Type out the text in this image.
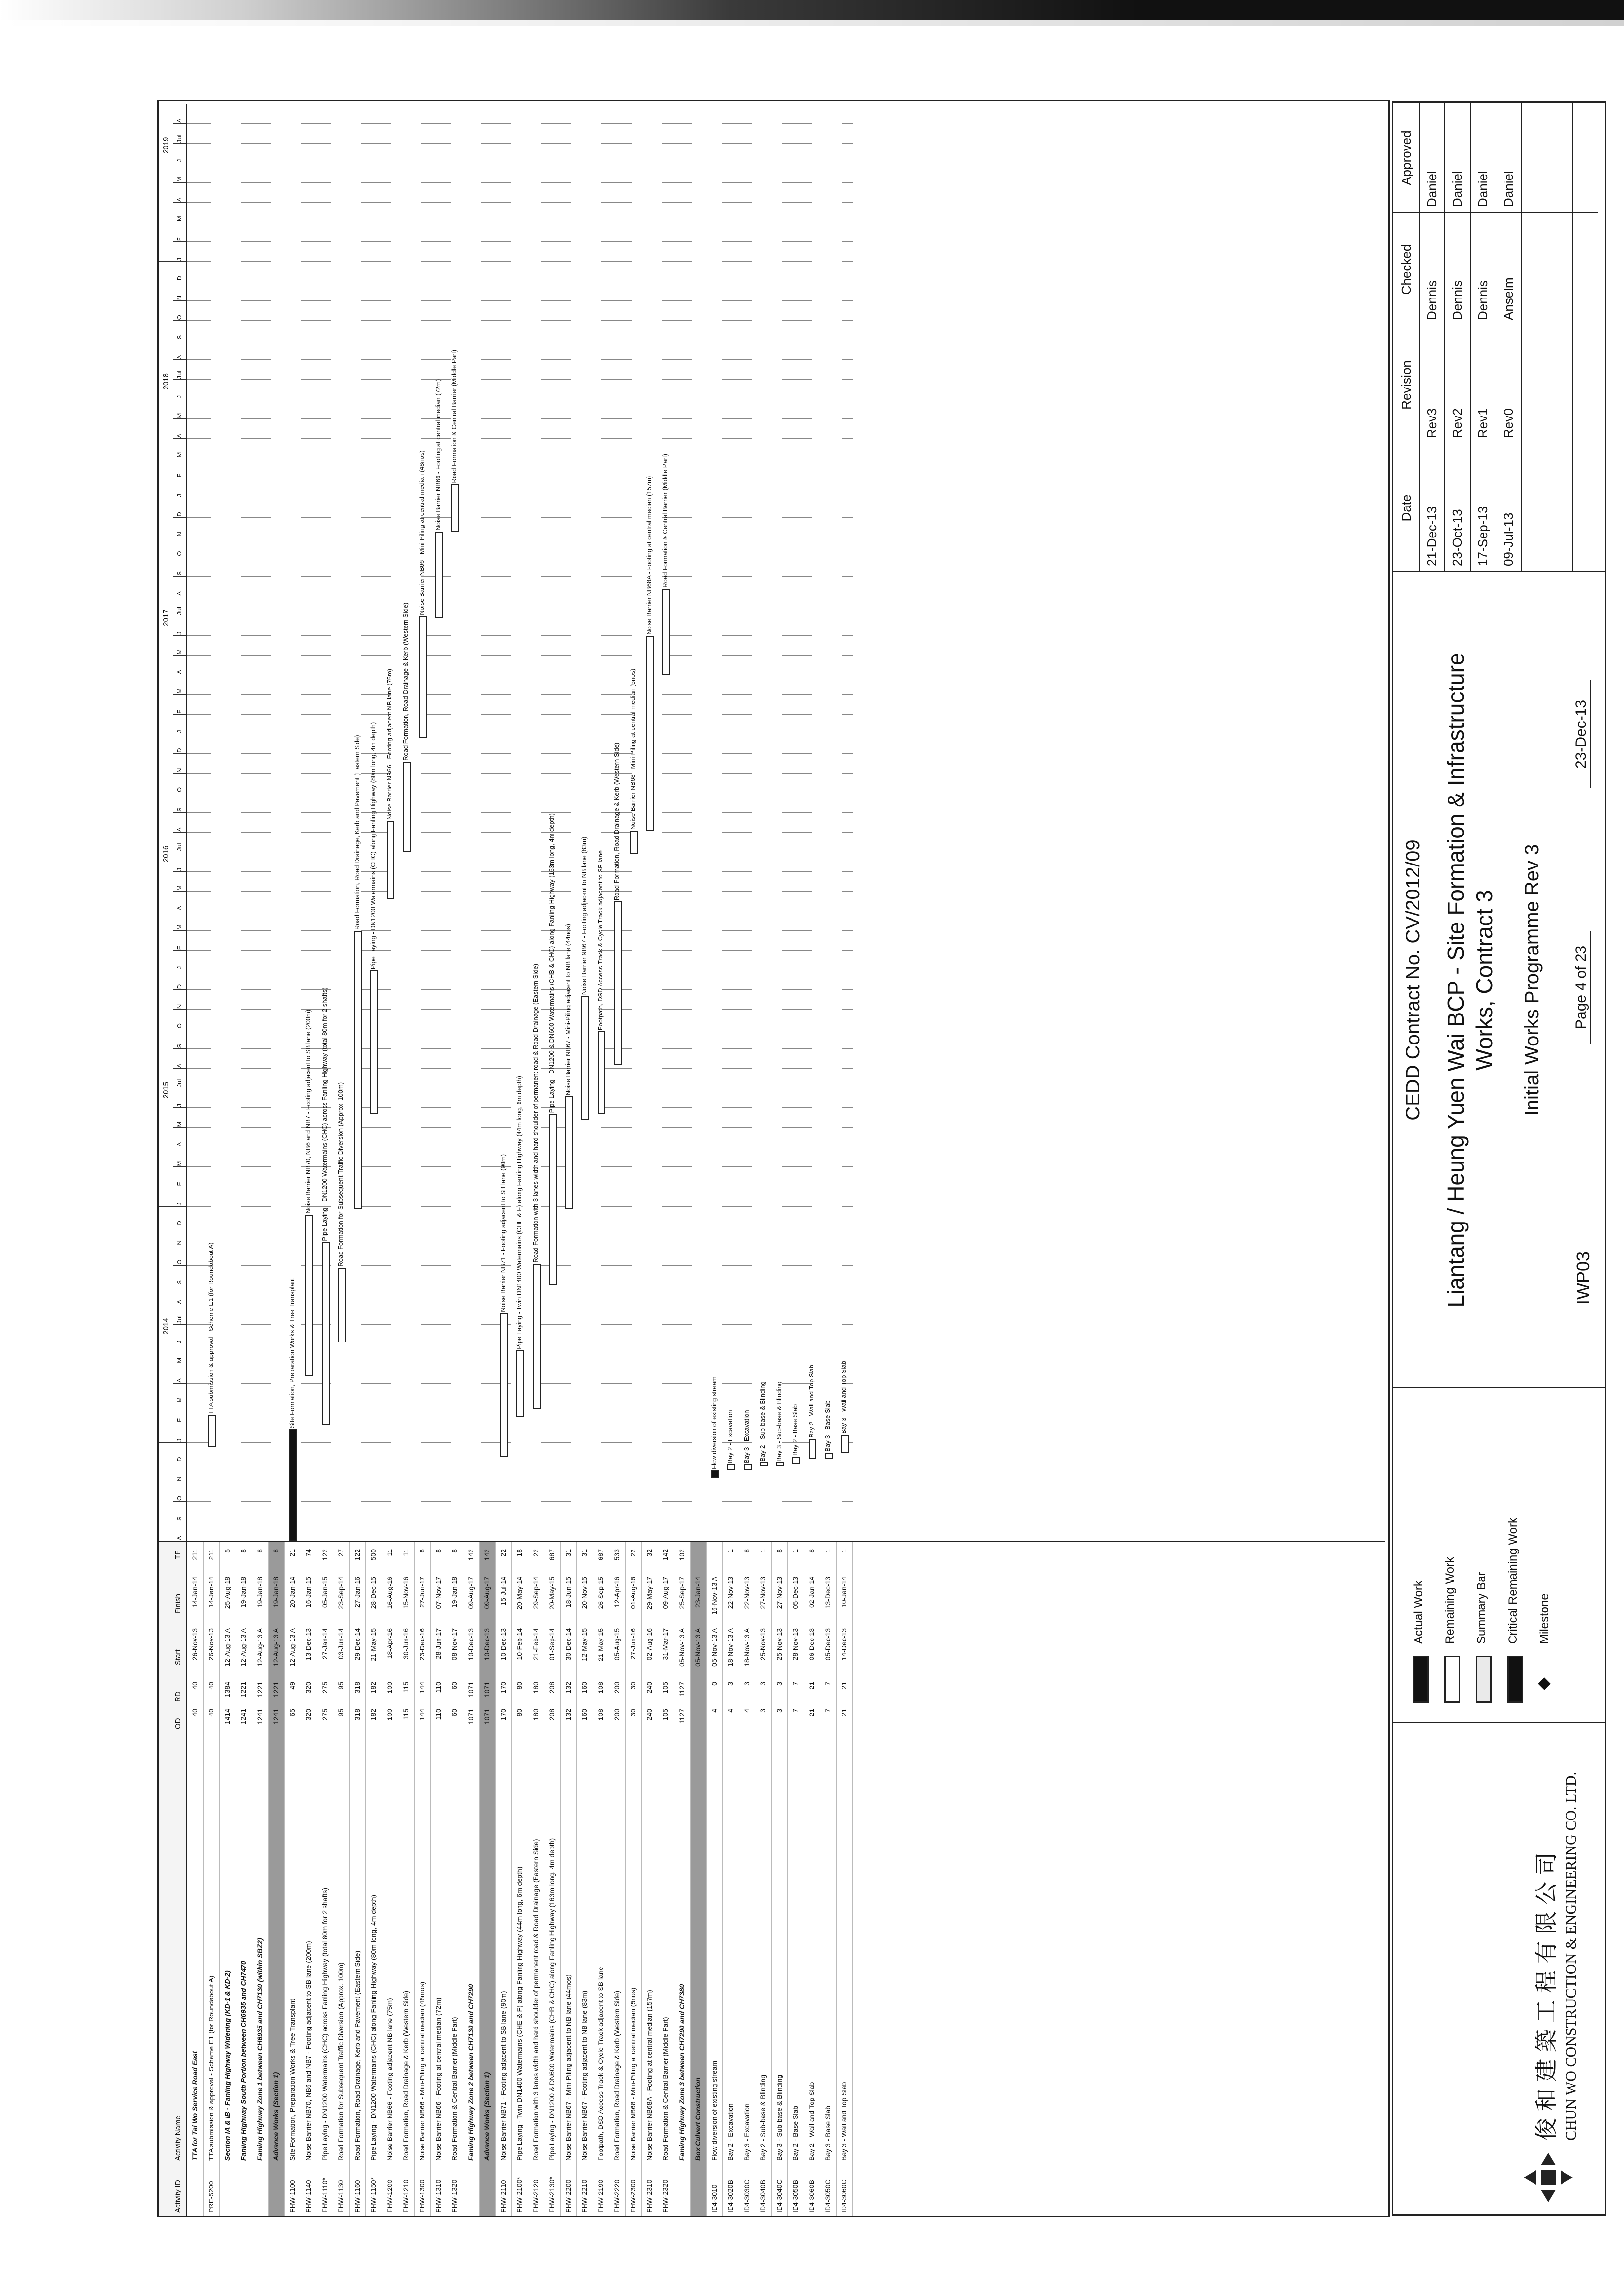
Activity ID
Activity Name
OD
RD
Start
Finish
TF
TTA for Tai Wo Service Road East
40
40
26-Nov-13
14-Jan-14
211
PRE-5200
TTA submission & approval - Scheme E1 (for Roundabout A)
40
40
26-Nov-13
14-Jan-14
211
Section IA & IB - Fanling Highway Widening (KD-1 & KD-2)
1414
1384
12-Aug-13 A
25-Aug-18
5
Fanling Highway South Portion between CH6935 and CH7470
1241
1221
12-Aug-13 A
19-Jan-18
8
Fanling Highway Zone 1 between CH6935 and CH7130 (within SBZ2)
1241
1221
12-Aug-13 A
19-Jan-18
8
Advance Works (Section 1)
1241
1221
12-Aug-13 A
19-Jan-18
8
FHW-1100
Site Formation, Preparation Works & Tree Transplant
65
49
12-Aug-13 A
20-Jan-14
21
FHW-1140
Noise Barrier NB70, NB6 and NB7 - Footing adjacent to SB lane (200m)
320
320
13-Dec-13
16-Jan-15
74
FHW-1110*
Pipe Laying - DN1200 Watermains (CHC) across Fanling Highway (total 80m for 2 shafts)
275
275
27-Jan-14
05-Jan-15
122
FHW-1130
Road Formation for Subsequent Traffic Diversion (Approx. 100m)
95
95
03-Jun-14
23-Sep-14
27
FHW-1160
Road Formation, Road Drainage, Kerb and Pavement (Eastern Side)
318
318
29-Dec-14
27-Jan-16
122
FHW-1150*
Pipe Laying - DN1200 Watermains (CHC) along Fanling Highway (80m long, 4m depth)
182
182
21-May-15
28-Dec-15
500
FHW-1200
Noise Barrier NB66 - Footing adjacent NB lane (75m)
100
100
18-Apr-16
16-Aug-16
11
FHW-1210
Road Formation, Road Drainage & Kerb (Western Side)
115
115
30-Jun-16
15-Nov-16
11
FHW-1300
Noise Barrier NB66 - Mini-Piling at central median (48mos)
144
144
23-Dec-16
27-Jun-17
8
FHW-1310
Noise Barrier NB66 - Footing at central median (72m)
110
110
28-Jun-17
07-Nov-17
8
FHW-1320
Road Formation & Central Barrier (Middle Part)
60
60
08-Nov-17
19-Jan-18
8
Fanling Highway Zone 2 between CH7130 and CH7290
1071
1071
10-Dec-13
09-Aug-17
142
Advance Works (Section 1)
1071
1071
10-Dec-13
09-Aug-17
142
FHW-2110
Noise Barrier NB71 - Footing adjacent to SB lane (90m)
170
170
10-Dec-13
15-Jul-14
22
FHW-2100*
Pipe Laying - Twin DN1400 Watermains (CHE & F) along Fanling Highway (44m long, 6m depth)
80
80
10-Feb-14
20-May-14
18
FHW-2120
Road Formation with 3 lanes width and hard shoulder of permanent road & Road Drainage (Eastern Side)
180
180
21-Feb-14
29-Sep-14
22
FHW-2130*
Pipe Laying - DN1200 & DN600 Watermains (CHB & CHC) along Fanling Highway (163m long, 4m depth)
208
208
01-Sep-14
20-May-15
687
FHW-2200
Noise Barrier NB67 - Mini-Piling adjacent to NB lane (44mos)
132
132
30-Dec-14
18-Jun-15
31
FHW-2210
Noise Barrier NB67 - Footing adjacent to NB lane (83m)
160
160
12-May-15
20-Nov-15
31
FHW-2190
Footpath, DSD Access Track & Cycle Track adjacent to SB lane
108
108
21-May-15
26-Sep-15
687
FHW-2220
Road Formation, Road Drainage & Kerb (Western Side)
200
200
05-Aug-15
12-Apr-16
533
FHW-2300
Noise Barrier NB68 - Mini-Piling at central median (5nos)
30
30
27-Jun-16
01-Aug-16
22
FHW-2310
Noise Barrier NB68A - Footing at central median (157m)
240
240
02-Aug-16
29-May-17
32
FHW-2320
Road Formation & Central Barrier (Middle Part)
105
105
31-Mar-17
09-Aug-17
142
Fanling Highway Zone 3 between CH7290 and CH7380
1127
1127
05-Nov-13 A
25-Sep-17
102
Box Culvert Construction
05-Nov-13 A
23-Jan-14
ID4-3010
Flow diversion of existing stream
4
0
05-Nov-13 A
16-Nov-13 A
ID4-3020B
Bay 2 - Excavation
4
3
18-Nov-13 A
22-Nov-13
1
ID4-3030C
Bay 3 - Excavation
4
3
18-Nov-13 A
22-Nov-13
8
ID4-3040B
Bay 2 - Sub-base & Blinding
3
3
25-Nov-13
27-Nov-13
1
ID4-3040C
Bay 3 - Sub-base & Blinding
3
3
25-Nov-13
27-Nov-13
8
ID4-3050B
Bay 2 - Base Slab
7
7
28-Nov-13
05-Dec-13
1
ID4-3060B
Bay 2 - Wall and Top Slab
21
21
06-Dec-13
02-Jan-14
8
ID4-3050C
Bay 3 - Base Slab
7
7
05-Dec-13
13-Dec-13
1
ID4-3060C
Bay 3 - Wall and Top Slab
21
21
14-Dec-13
10-Jan-14
1
A
S
O
N
D
J
F
M
A
M
J
Jul
A
S
O
N
D
J
F
M
A
M
J
Jul
A
S
O
N
D
J
F
M
A
M
J
Jul
A
S
O
N
D
J
F
M
A
M
J
Jul
A
S
O
N
D
J
F
M
A
M
J
Jul
A
S
O
N
D
J
F
M
A
M
J
Jul
A
2014
2015
2016
2017
2018
2019
TTA submission & approval - Scheme E1 (for Roundabout A)	Site Formation, Preparation Works & Tree Transplant
Noise Barrier NB70, NB6 and NB7 - Footing adjacent to SB lane (200m) Pipe Laying - DN1200 Watermains (CHC) across Fanling Highway (total 80m for 2 shafts) Road Formation for Subsequent Traffic Diversion (Approx. 100m)
Road Formation, Road Drainage, Kerb and Pavement (Eastern Side) Pipe Laying - DN1200 Watermains (CHC) along Fanling Highway (80m long, 4m depth) Noise Barrier NB66 - Footing adjacent NB lane (75m) Road Formation, Road Drainage & Kerb (Western Side)
Noise Barrier NB66 - Mini-Piling at central median (48nos) Noise Barrier NB66 - Footing at central median (72m) Road Formation & Central Barrier (Middle Part)
Noise Barrier NB71 - Footing adjacent to SB lane (90m) Pipe Laying - Twin DN1400 Watermains (CHE & F) along Fanling Highway (44m long, 6m depth) Road Formation with 3 lanes width and hard shoulder of permanent road & Road Drainage (Eastern Side)
Pipe Laying - DN1200 & DN600 Watermains (CHB & CHC) along Fanling Highway (163m long, 4m depth) Noise Barrier NB67 - Mini-Piling adjacent to NB lane (44nos)
Noise Barrier NB67 - Footing adjacent to NB lane (83m) Footpath, DSD Access Track & Cycle Track adjacent to SB lane
Road Formation, Road Drainage & Kerb (Western Side) Noise Barrier NB68 - Mini-Piling at central median (5nos)
Noise Barrier NB68A - Footing at central median (157m) Road Formation & Central Barrier (Middle Part)
Flow diversion of existing stream Bay 2 - Excavation Bay 3 - Excavation Bay 2 - Sub-base & Blinding Bay 3 - Sub-base & Blinding Bay 2 - Base Slab Bay 2 - Wall and Top Slab Bay 3 - Base Slab Bay 3 - Wall and Top Slab
俊和建築工程有限公司 CHUN WO CONSTRUCTION & ENGINEERING CO. LTD.
Actual Work Remaining Work Summary Bar Critical Remaining Work Milestone
CEDD Contract No. CV/2012/09 Liantang / Heung Yuen Wai BCP - Site Formation & Infrastructure Works, Contract 3 Initial Works Programme Rev 3
IWP03
Page 4 of 23
23-Dec-13
Date
Revision
Checked
Approved
21-Dec-13
Rev3
Dennis
Daniel
23-Oct-13
Rev2
Dennis
Daniel
17-Sep-13
Rev1
Dennis
Daniel
09-Jul-13
Rev0
Anselm
Daniel
